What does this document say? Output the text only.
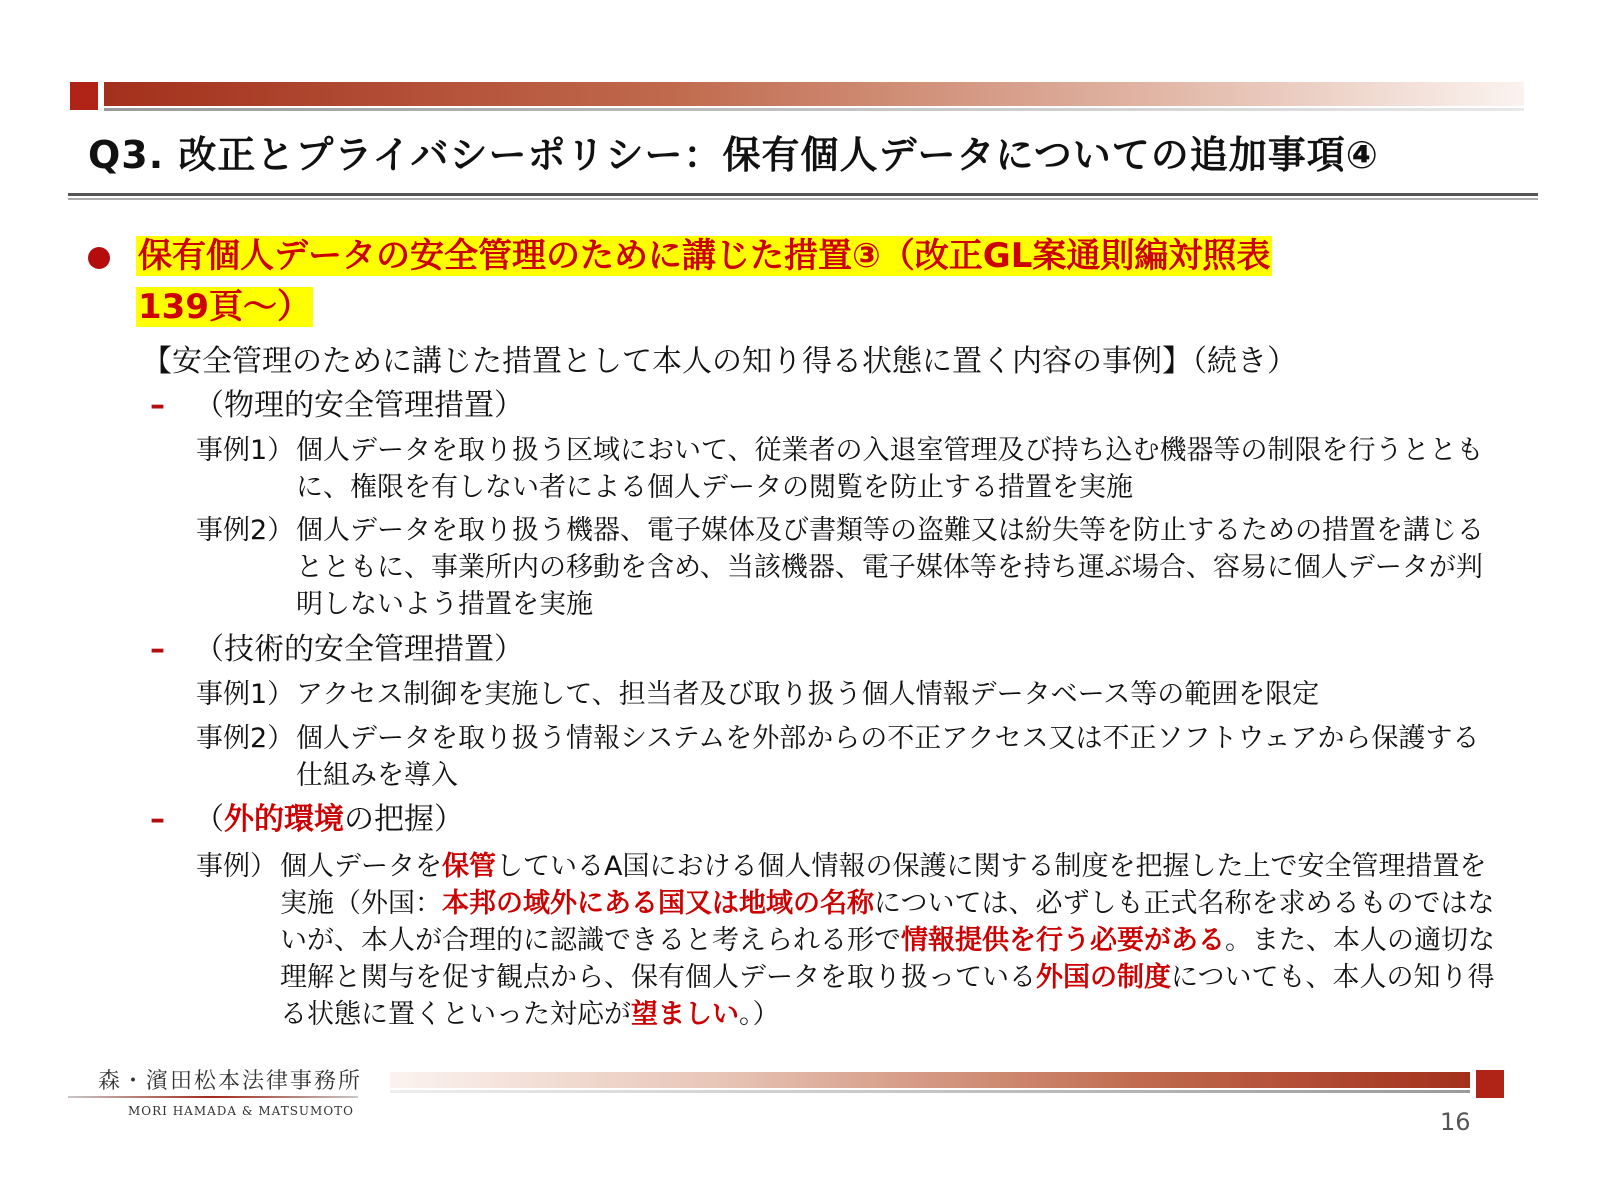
Q3. 改正とプライバシーポリシー：保有個人データについての追加事項④
保有個人データの安全管理のために講じた措置③（改正GL案通則編対照表
139頁～）
【安全管理のために講じた措置として本人の知り得る状態に置く内容の事例】（続き）
– （物理的安全管理措置）
事例1） 個人データを取り扱う区域において、従業者の入退室管理及び持ち込む機器等の制限を行うとともに、権限を有しない者による個人データの閲覧を防止する措置を実施
事例2） 個人データを取り扱う機器、電子媒体及び書類等の盗難又は紛失等を防止するための措置を講じるとともに、事業所内の移動を含め、当該機器、電子媒体等を持ち運ぶ場合、容易に個人データが判明しないよう措置を実施
– （技術的安全管理措置）
事例1） アクセス制御を実施して、担当者及び取り扱う個人情報データベース等の範囲を限定
事例2） 個人データを取り扱う情報システムを外部からの不正アクセス又は不正ソフトウェアから保護する仕組みを導入
– （外的環境の把握）
事例） 個人データを保管しているA国における個人情報の保護に関する制度を把握した上で安全管理措置を実施（外国：本邦の域外にある国又は地域の名称については、必ずしも正式名称を求めるものではないが、本人が合理的に認識できると考えられる形で情報提供を行う必要がある。また、本人の適切な理解と関与を促す観点から、保有個人データを取り扱っている外国の制度についても、本人の知り得る状態に置くといった対応が望ましい。）
森・濱田松本法律事務所
MORI HAMADA & MATSUMOTO	16
